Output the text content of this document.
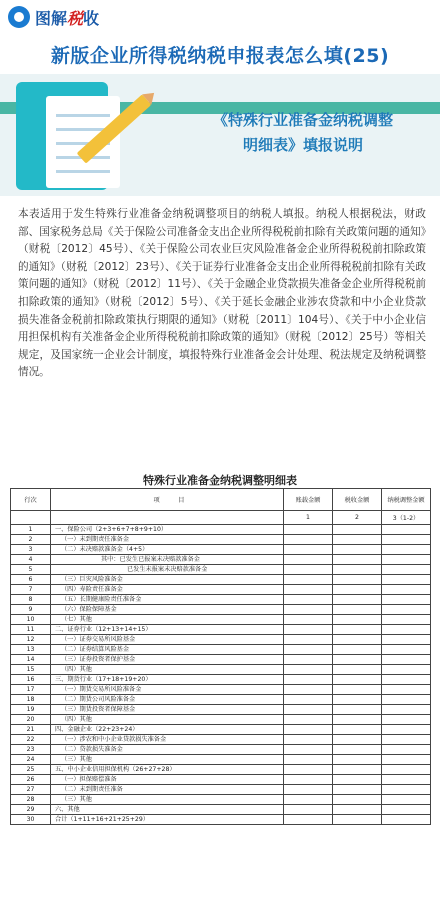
图解税收
新版企业所得税纳税申报表怎么填(25)
《特殊行业准备金纳税调整
明细表》填报说明

本表适用于发生特殊行业准备金纳税调整项目的纳税人填报。纳税人根据税法，财政部、国家税务总局《关于保险公司准备金支出企业所得税税前扣除有关政策问题的通知》（财税〔2012〕45号）、《关于保险公司农业巨灾风险准备金企业所得税税前扣除政策的通知》（财税〔2012〕23号）、《关于证券行业准备金支出企业所得税税前扣除有关政策问题的通知》（财税〔2012〕11号）、《关于金融企业贷款损失准备金企业所得税税前扣除政策的通知》（财税〔2012〕5号）、《关于延长金融企业涉农贷款和中小企业贷款损失准备金税前扣除政策执行期限的通知》（财税〔2011〕104号）、《关于中小企业信用担保机构有关准备金企业所得税税前扣除政策的通知》（财税〔2012〕25号）等相关规定，及国家统一企业会计制度，填报特殊行业准备金会计处理、税法规定及纳税调整情况。

特殊行业准备金纳税调整明细表
行次	项　　　目	账载金额	税收金额	纳税调整金额
		1	2	3（1-2）
1	一、保险公司（2+3+6+7+8+9+10）			
2	（一）未到期责任准备金			
3	（二）未决赔款准备金（4+5）			
4	其中：已发生已报案未决赔款准备金			
5	已发生未报案未决赔款准备金			
6	（三）巨灾风险准备金			
7	（四）寿险责任准备金			
8	（五）长期健康险责任准备金			
9	（六）保险保障基金			
10	（七）其他			
11	二、证券行业（12+13+14+15）			
12	（一）证券交易所风险基金			
13	（二）证券结算风险基金			
14	（三）证券投资者保护基金			
15	（四）其他			
16	三、期货行业（17+18+19+20）			
17	（一）期货交易所风险准备金			
18	（二）期货公司风险准备金			
19	（三）期货投资者保障基金			
20	（四）其他			
21	四、金融企业（22+23+24）			
22	（一）涉农和中小企业贷款损失准备金			
23	（二）贷款损失准备金			
24	（三）其他			
25	五、中小企业信用担保机构（26+27+28）			
26	（一）担保赔偿准备			
27	（二）未到期责任准备			
28	（三）其他			
29	六、其他			
30	合计（1+11+16+21+25+29）			
